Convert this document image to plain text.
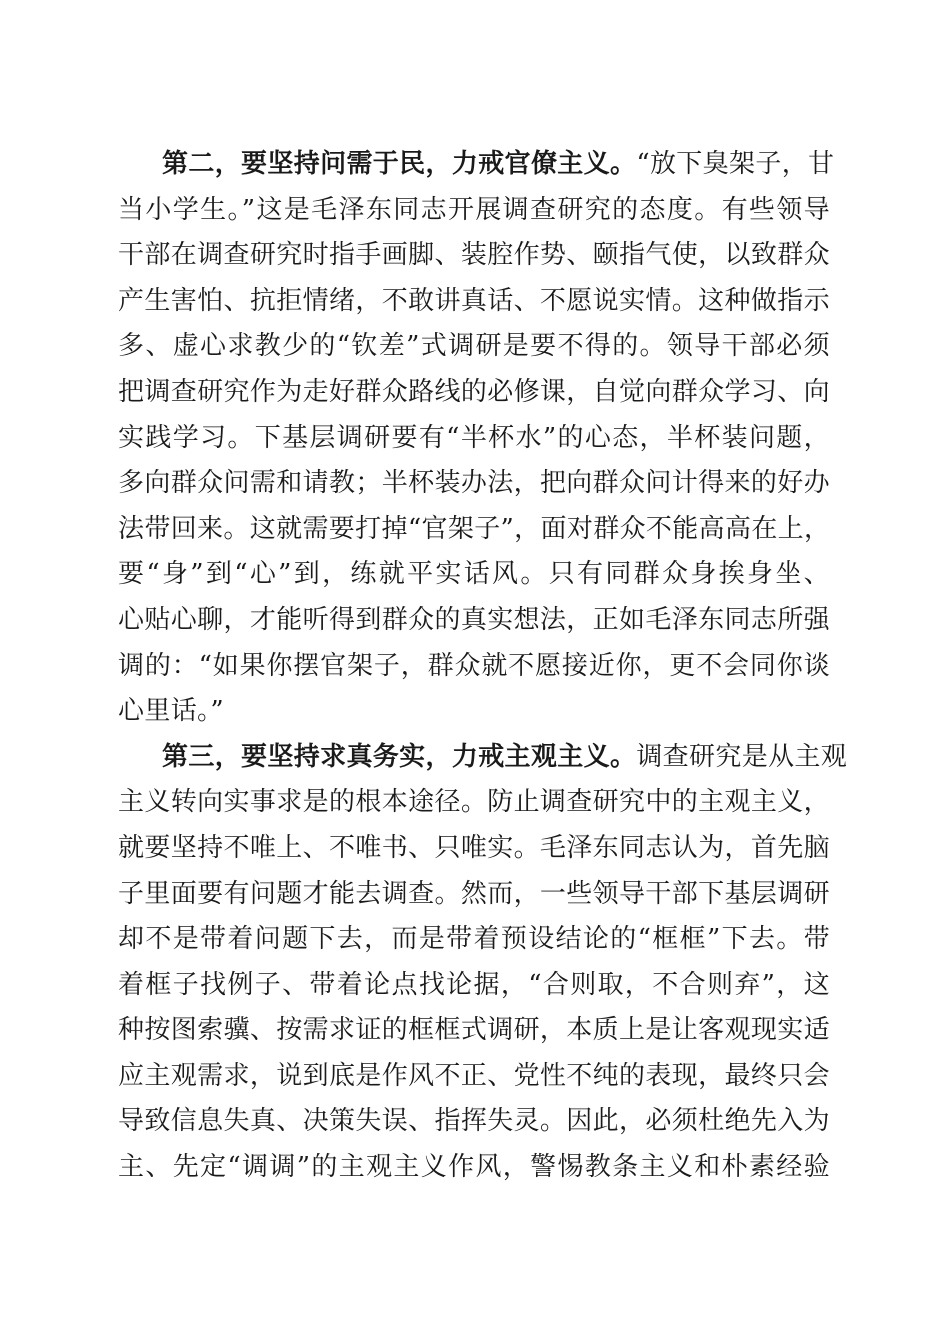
第二，要坚持问需于民，力戒官僚主义。“放下臭架子，甘
当小学生。”这是毛泽东同志开展调查研究的态度。有些领导
干部在调查研究时指手画脚、装腔作势、颐指气使，以致群众
产生害怕、抗拒情绪，不敢讲真话、不愿说实情。这种做指示
多、虚心求教少的“钦差”式调研是要不得的。领导干部必须
把调查研究作为走好群众路线的必修课，自觉向群众学习、向
实践学习。下基层调研要有“半杯水”的心态，半杯装问题，
多向群众问需和请教；半杯装办法，把向群众问计得来的好办
法带回来。这就需要打掉“官架子”，面对群众不能高高在上，
要“身”到“心”到，练就平实话风。只有同群众身挨身坐、
心贴心聊，才能听得到群众的真实想法，正如毛泽东同志所强
调的：“如果你摆官架子，群众就不愿接近你，更不会同你谈
心里话。”
第三，要坚持求真务实，力戒主观主义。调查研究是从主观
主义转向实事求是的根本途径。防止调查研究中的主观主义，
就要坚持不唯上、不唯书、只唯实。毛泽东同志认为，首先脑
子里面要有问题才能去调查。然而，一些领导干部下基层调研
却不是带着问题下去，而是带着预设结论的“框框”下去。带
着框子找例子、带着论点找论据，“合则取，不合则弃”，这
种按图索骥、按需求证的框框式调研，本质上是让客观现实适
应主观需求，说到底是作风不正、党性不纯的表现，最终只会
导致信息失真、决策失误、指挥失灵。因此，必须杜绝先入为
主、先定“调调”的主观主义作风，警惕教条主义和朴素经验
